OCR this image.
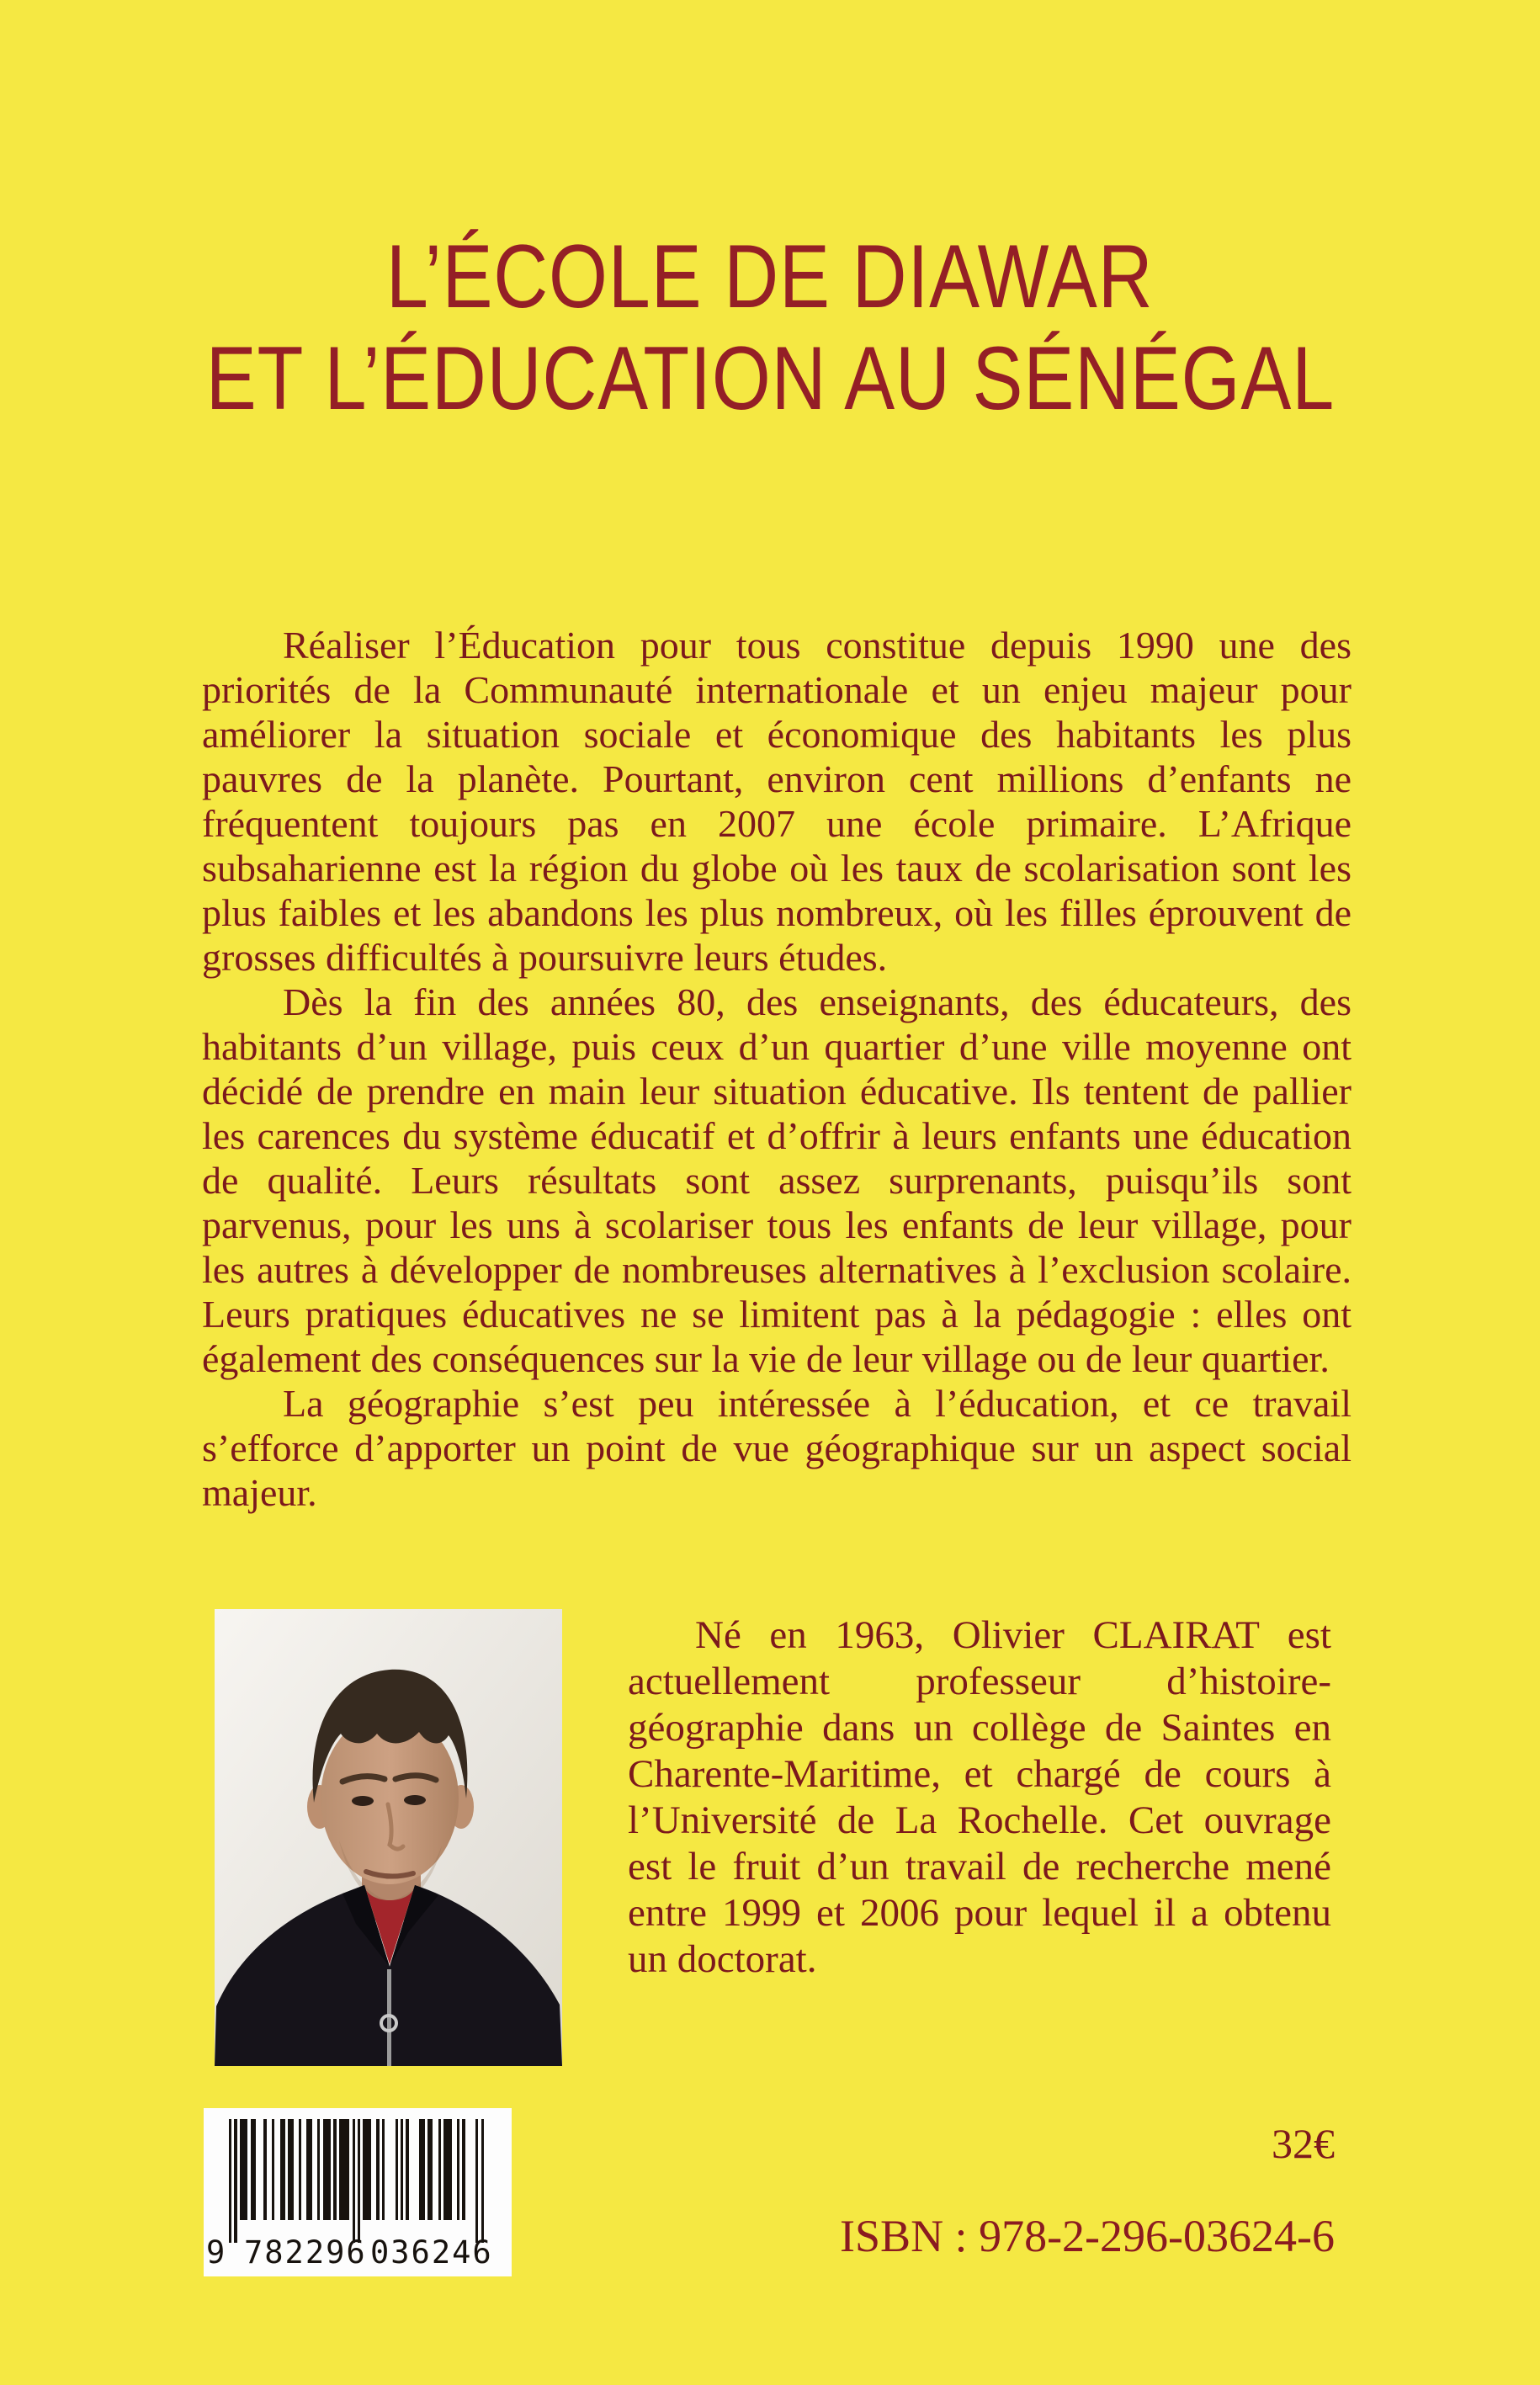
L’ÉCOLE DE DIAWAR
ET L’ÉDUCATION AU SÉNÉGAL

Réaliser l’Éducation pour tous constitue depuis 1990 une des priorités de la Communauté internationale et un enjeu majeur pour améliorer la situation sociale et économique des habitants les plus pauvres de la planète. Pourtant, environ cent millions d’enfants ne fréquentent toujours pas en 2007 une école primaire. L’Afrique subsaharienne est la région du globe où les taux de scolarisation sont les plus faibles et les abandons les plus nombreux, où les filles éprouvent de grosses difficultés à poursuivre leurs études.

Dès la fin des années 80, des enseignants, des éducateurs, des habitants d’un village, puis ceux d’un quartier d’une ville moyenne ont décidé de prendre en main leur situation éducative. Ils tentent de pallier les carences du système éducatif et d’offrir à leurs enfants une éducation de qualité. Leurs résultats sont assez surprenants, puisqu’ils sont parvenus, pour les uns à scolariser tous les enfants de leur village, pour les autres à développer de nombreuses alternatives à l’exclusion scolaire. Leurs pratiques éducatives ne se limitent pas à la pédagogie : elles ont également des conséquences sur la vie de leur village ou de leur quartier.

La géographie s’est peu intéressée à l’éducation, et ce travail s’efforce d’apporter un point de vue géographique sur un aspect social majeur.

Né en 1963, Olivier CLAIRAT est actuellement professeur d’histoire-géographie dans un collège de Saintes en Charente-Maritime, et chargé de cours à l’Université de La Rochelle. Cet ouvrage est le fruit d’un travail de recherche mené entre 1999 et 2006 pour lequel il a obtenu un doctorat.
9 782296 036246
32€
ISBN : 978-2-296-03624-6
